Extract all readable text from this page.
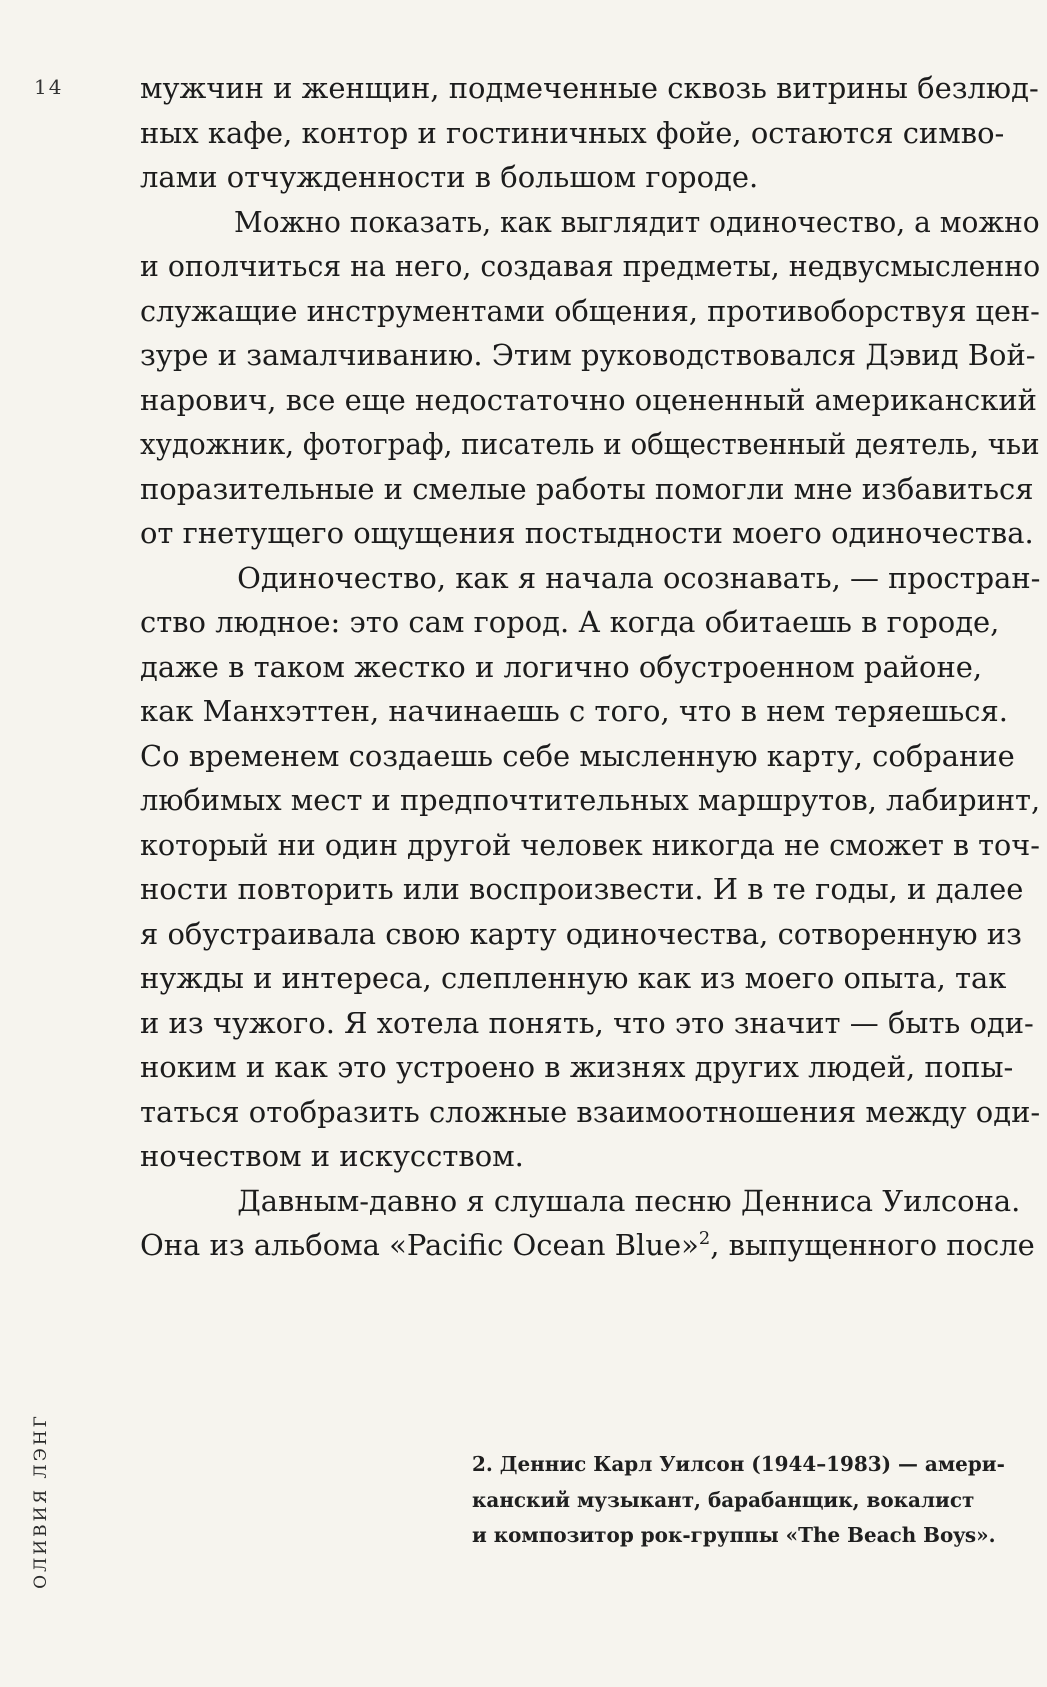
14
ОЛИВИЯ ЛЭНГ
мужчин и женщин, подмеченные сквозь витрины безлюд-
ных кафе, контор и гостиничных фойе, остаются симво-
лами отчужденности в большом городе.
Можно показать, как выглядит одиночество, а можно
и ополчиться на него, создавая предметы, недвусмысленно
служащие инструментами общения, противоборствуя цен-
зуре и замалчиванию. Этим руководствовался Дэвид Вой-
нарович, все еще недостаточно оцененный американский
художник, фотограф, писатель и общественный деятель, чьи
поразительные и смелые работы помогли мне избавиться
от гнетущего ощущения постыдности моего одиночества.
Одиночество, как я начала осознавать, — простран-
ство людное: это сам город. А когда обитаешь в городе,
даже в таком жестко и логично обустроенном районе,
как Манхэттен, начинаешь с того, что в нем теряешься.
Со временем создаешь себе мысленную карту, собрание
любимых мест и предпочтительных маршрутов, лабиринт,
который ни один другой человек никогда не сможет в точ-
ности повторить или воспроизвести. И в те годы, и далее
я обустраивала свою карту одиночества, сотворенную из
нужды и интереса, слепленную как из моего опыта, так
и из чужого. Я хотела понять, что это значит — быть оди-
ноким и как это устроено в жизнях других людей, попы-
таться отобразить сложные взаимоотношения между оди-
ночеством и искусством.
Давным-давно я слушала песню Денниса Уилсона.
Она из альбома «Pacific Ocean Blue»$^2$, выпущенного после
2. Деннис Карл Уилсон (1944–1983) — амери-
канский музыкант, барабанщик, вокалист
и композитор рок-группы «The Beach Boys».
